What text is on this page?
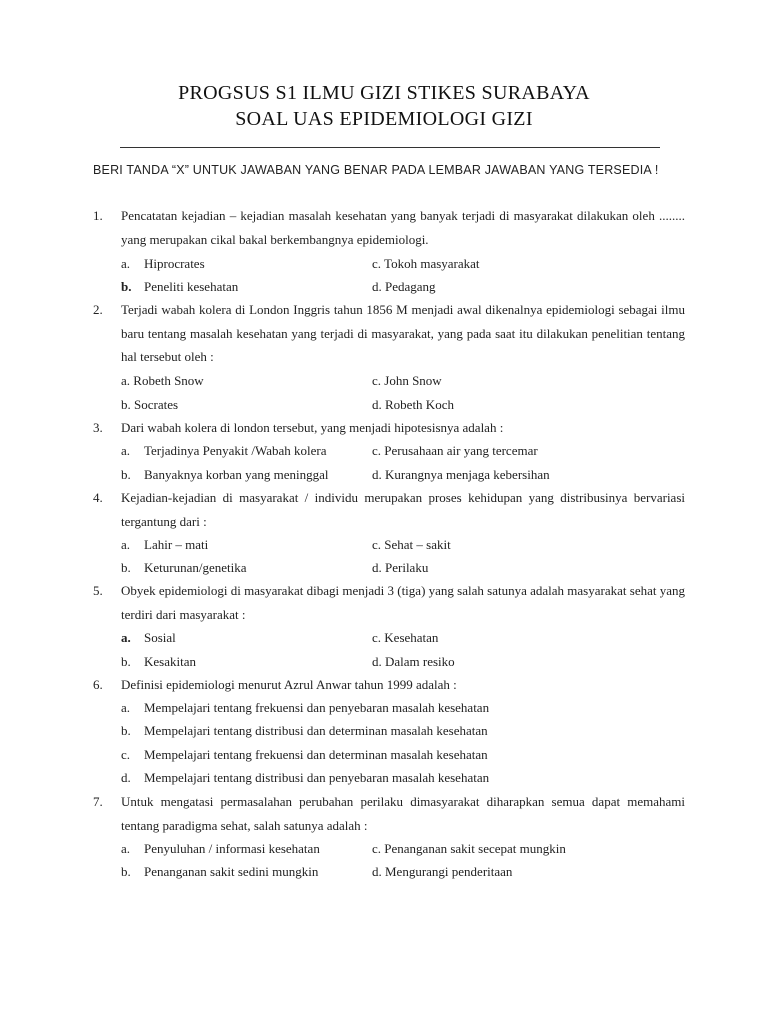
PROGSUS S1 ILMU GIZI STIKES SURABAYA
SOAL UAS EPIDEMIOLOGI GIZI
BERI TANDA “X” UNTUK JAWABAN YANG BENAR PADA LEMBAR JAWABAN YANG TERSEDIA !
1. Pencatatan kejadian – kejadian masalah kesehatan yang banyak terjadi di masyarakat dilakukan oleh ........ yang merupakan cikal bakal berkembangnya epidemiologi.
a. Hiprocrates	c. Tokoh masyarakat
b. Peneliti kesehatan	d. Pedagang
2. Terjadi wabah kolera di London Inggris tahun 1856 M menjadi awal dikenalnya epidemiologi sebagai ilmu baru tentang masalah kesehatan yang terjadi di masyarakat, yang pada saat itu dilakukan penelitian tentang hal tersebut oleh :
a. Robeth Snow	c. John Snow
b. Socrates	d. Robeth Koch
3. Dari wabah kolera di london tersebut, yang menjadi hipotesisnya adalah :
a. Terjadinya Penyakit /Wabah kolera	c. Perusahaan air yang tercemar
b. Banyaknya korban yang meninggal	d. Kurangnya menjaga kebersihan
4. Kejadian-kejadian di masyarakat / individu merupakan proses kehidupan yang distribusinya bervariasi tergantung dari :
a. Lahir – mati	c. Sehat – sakit
b. Keturunan/genetika	d. Perilaku
5. Obyek epidemiologi di masyarakat dibagi menjadi 3 (tiga) yang salah satunya adalah masyarakat sehat yang terdiri dari masyarakat :
a. Sosial	c. Kesehatan
b. Kesakitan	d. Dalam resiko
6. Definisi epidemiologi menurut Azrul Anwar tahun 1999 adalah :
a. Mempelajari tentang frekuensi dan penyebaran masalah kesehatan
b. Mempelajari tentang distribusi dan determinan masalah kesehatan
c. Mempelajari tentang frekuensi dan determinan masalah kesehatan
d. Mempelajari tentang distribusi dan penyebaran masalah kesehatan
7. Untuk mengatasi permasalahan perubahan perilaku dimasyarakat diharapkan semua dapat memahami tentang paradigma sehat, salah satunya adalah :
a. Penyuluhan / informasi kesehatan	c. Penanganan sakit secepat mungkin
b. Penanganan sakit sedini mungkin	d. Mengurangi penderitaan
